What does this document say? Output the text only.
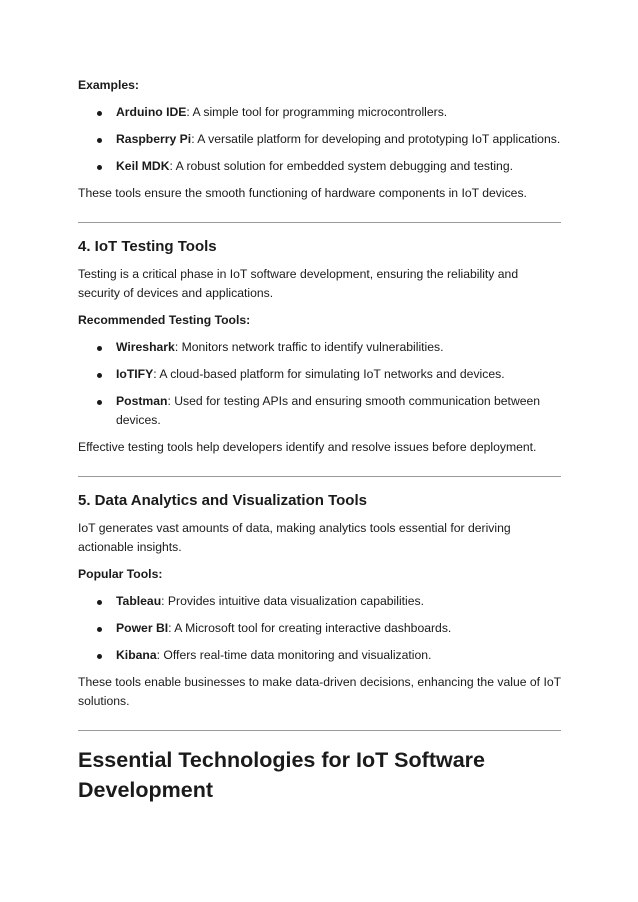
Examples:

Arduino IDE: A simple tool for programming microcontrollers.
Raspberry Pi: A versatile platform for developing and prototyping IoT applications.
Keil MDK: A robust solution for embedded system debugging and testing.

These tools ensure the smooth functioning of hardware components in IoT devices.

4. IoT Testing Tools

Testing is a critical phase in IoT software development, ensuring the reliability and security of devices and applications.

Recommended Testing Tools:

Wireshark: Monitors network traffic to identify vulnerabilities.
IoTIFY: A cloud-based platform for simulating IoT networks and devices.
Postman: Used for testing APIs and ensuring smooth communication between devices.

Effective testing tools help developers identify and resolve issues before deployment.

5. Data Analytics and Visualization Tools

IoT generates vast amounts of data, making analytics tools essential for deriving actionable insights.

Popular Tools:

Tableau: Provides intuitive data visualization capabilities.
Power BI: A Microsoft tool for creating interactive dashboards.
Kibana: Offers real-time data monitoring and visualization.

These tools enable businesses to make data-driven decisions, enhancing the value of IoT solutions.

Essential Technologies for IoT Software Development
